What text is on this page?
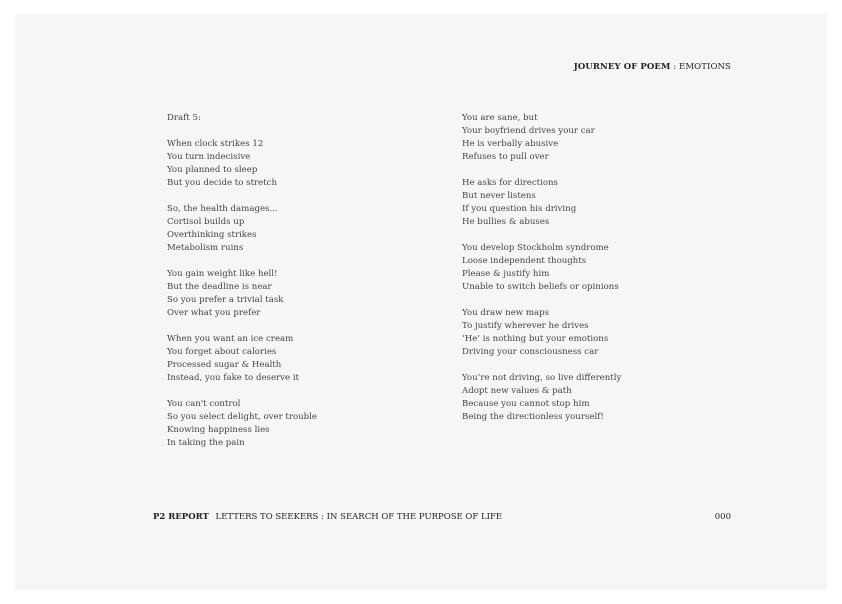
JOURNEY OF POEM : EMOTIONS
Draft 5:
When clock strikes 12
You turn indecisive
You planned to sleep
But you decide to stretch
So, the health damages...
Cortisol builds up
Overthinking strikes
Metabolism ruins
You gain weight like hell!
But the deadline is near
So you prefer a trivial task
Over what you prefer
When you want an ice cream
You forget about calories
Processed sugar & Health
Instead, you fake to deserve it
You can't control
So you select delight, over trouble
Knowing happiness lies
In taking the pain
You are sane, but
Your boyfriend drives your car
He is verbally abusive
Refuses to pull over
He asks for directions
But never listens
If you question his driving
He bullies & abuses
You develop Stockholm syndrome
Loose independent thoughts
Please & justify him
Unable to switch beliefs or opinions
You draw new maps
To justify wherever he drives
‘He’ is nothing but your emotions
Driving your consciousness car
You’re not driving, so live differently
Adopt new values & path
Because you cannot stop him
Being the directionless yourself!
P2 REPORT LETTERS TO SEEKERS : IN SEARCH OF THE PURPOSE OF LIFE	000
